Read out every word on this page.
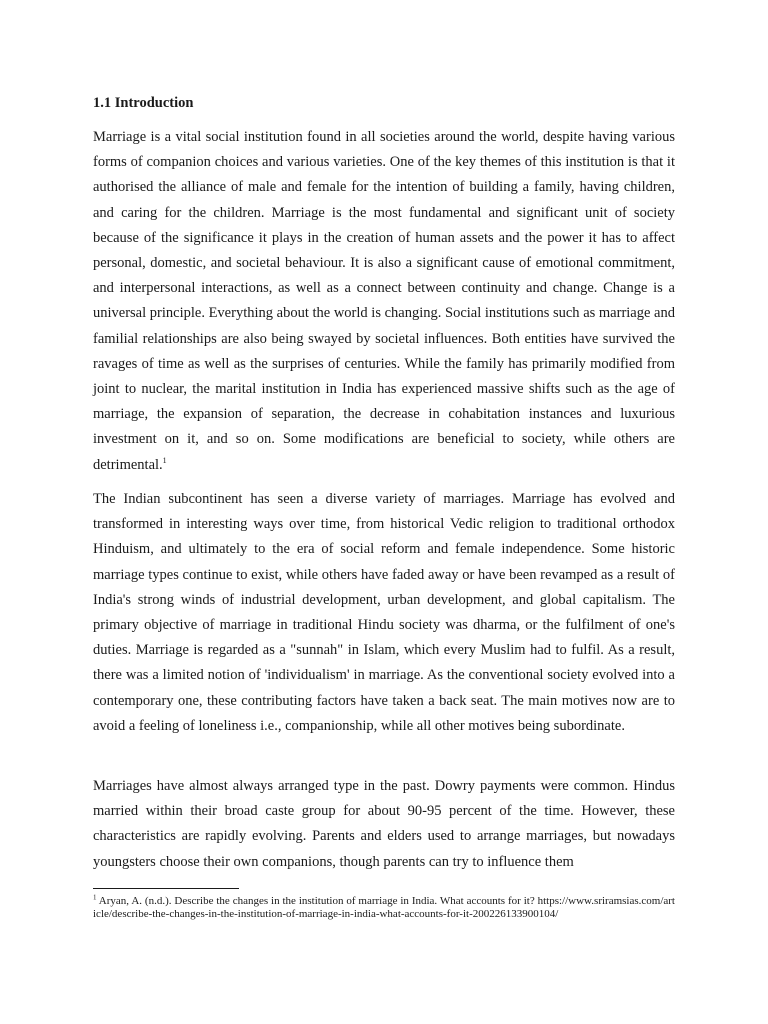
1.1 Introduction

Marriage is a vital social institution found in all societies around the world, despite having various forms of companion choices and various varieties. One of the key themes of this institution is that it authorised the alliance of male and female for the intention of building a family, having children, and caring for the children. Marriage is the most fundamental and significant unit of society because of the significance it plays in the creation of human assets and the power it has to affect personal, domestic, and societal behaviour. It is also a significant cause of emotional commitment, and interpersonal interactions, as well as a connect between continuity and change. Change is a universal principle. Everything about the world is changing. Social institutions such as marriage and familial relationships are also being swayed by societal influences. Both entities have survived the ravages of time as well as the surprises of centuries. While the family has primarily modified from joint to nuclear, the marital institution in India has experienced massive shifts such as the age of marriage, the expansion of separation, the decrease in cohabitation instances and luxurious investment on it, and so on. Some modifications are beneficial to society, while others are detrimental.$^1$

The Indian subcontinent has seen a diverse variety of marriages. Marriage has evolved and transformed in interesting ways over time, from historical Vedic religion to traditional orthodox Hinduism, and ultimately to the era of social reform and female independence. Some historic marriage types continue to exist, while others have faded away or have been revamped as a result of India's strong winds of industrial development, urban development, and global capitalism. The primary objective of marriage in traditional Hindu society was dharma, or the fulfilment of one's duties. Marriage is regarded as a "sunnah" in Islam, which every Muslim had to fulfil. As a result, there was a limited notion of 'individualism' in marriage. As the conventional society evolved into a contemporary one, these contributing factors have taken a back seat. The main motives now are to avoid a feeling of loneliness i.e., companionship, while all other motives being subordinate.

Marriages have almost always arranged type in the past. Dowry payments were common. Hindus married within their broad caste group for about 90-95 percent of the time. However, these characteristics are rapidly evolving. Parents and elders used to arrange marriages, but nowadays youngsters choose their own companions, though parents can try to influence them

$^1$ Aryan, A. (n.d.). Describe the changes in the institution of marriage in India. What accounts for it? https://www.sriramsias.com/article/describe-the-changes-in-the-institution-of-marriage-in-india-what-accounts-for-it-200226133900104/
